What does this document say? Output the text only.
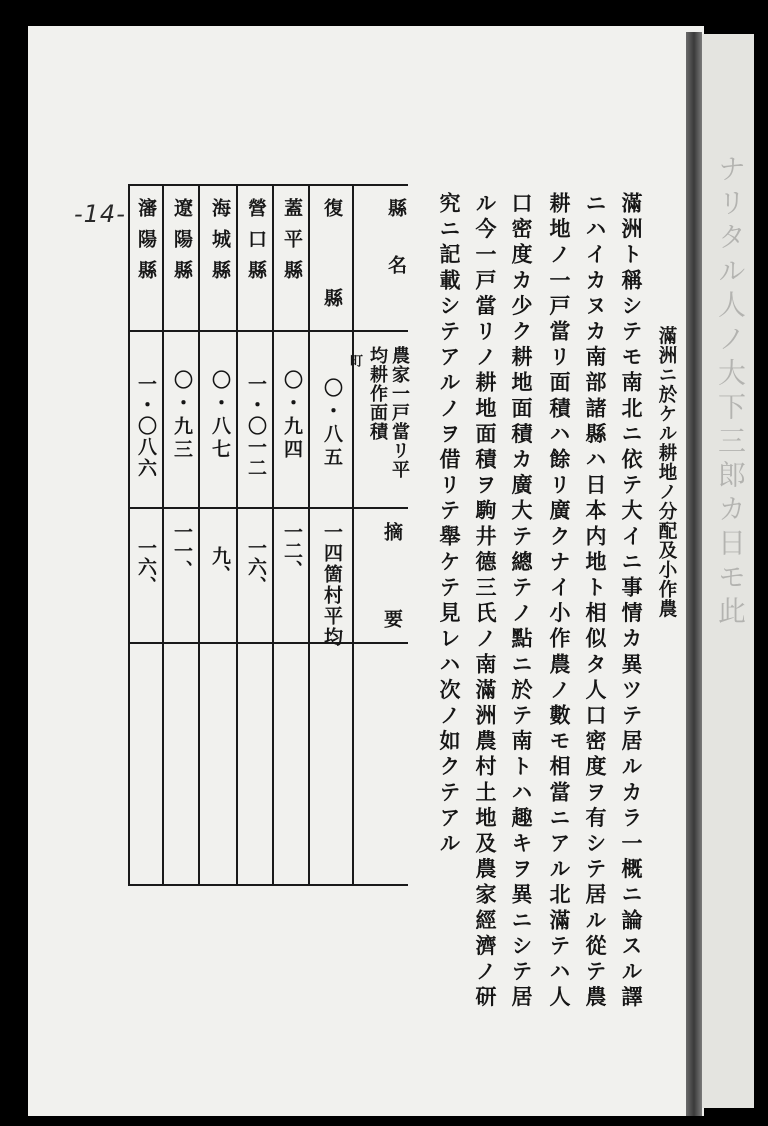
ナリタル人ノ大下三郎カ日モ此
-14-
滿洲ニ於ケル耕地ノ分配及小作農
滿洲ト稱シテモ南北ニ依テ大イニ事情カ異ツテ居ルカラ一概ニ論スル譯
ニハイカヌカ南部諸縣ハ日本内地ト相似タ人口密度ヲ有シテ居ル從テ農
耕地ノ一戸當リ面積ハ餘リ廣クナイ小作農ノ數モ相當ニアル北滿テハ人
口密度カ少ク耕地面積カ廣大テ總テノ點ニ於テ南トハ趣キヲ異ニシテ居
ル今一戸當リノ耕地面積ヲ駒井德三氏ノ南滿洲農村土地及農家經濟ノ研
究ニ記載シテアルノヲ借リテ舉ケテ見レハ次ノ如クテアル
縣　　名
農家一戸當リ平均耕作面積
摘　　要
復　縣
町
〇・八五
一四箇村平均
蓋平縣
〇・九四
一二、
營口縣
一・〇一二
一六、
海城縣
〇・八七
九、
遼陽縣
〇・九三
一一、
瀋陽縣
一・〇八六
一六、
